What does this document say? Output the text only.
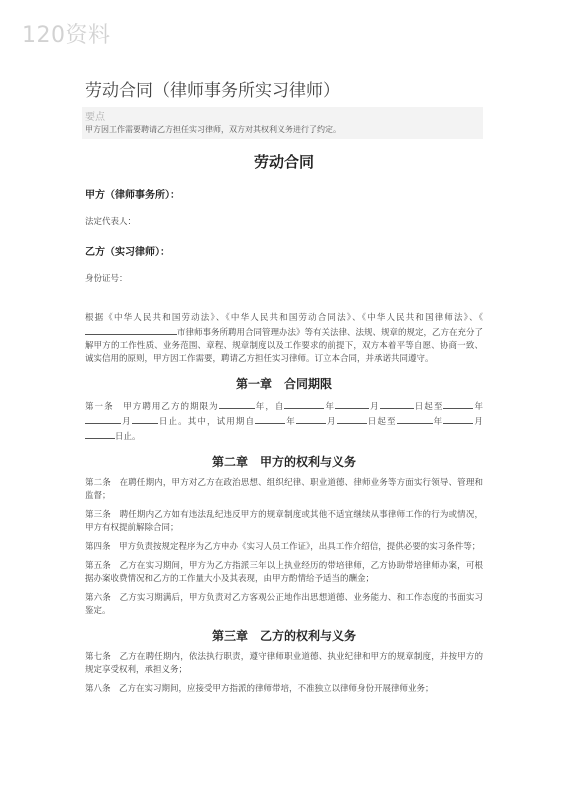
120资料
劳动合同（律师事务所实习律师）
要点
甲方因工作需要聘请乙方担任实习律师，双方对其权利义务进行了约定。
劳动合同
甲方（律师事务所）：
法定代表人：
乙方（实习律师）：
身份证号：

根据《中华人民共和国劳动法》、《中华人民共和国劳动合同法》、《中华人民共和国律师法》、《市律师事务所聘用合同管理办法》等有关法律、法规、规章的规定，乙方在充分了解甲方的工作性质、业务范围、章程、规章制度以及工作要求的前提下，双方本着平等自愿、协商一致、诚实信用的原则，甲方因工作需要，聘请乙方担任实习律师。订立本合同，并承诺共同遵守。

第一章　合同期限

第一条　甲方聘用乙方的期限为	年，自	年	月	日起至	年月	日止。其中，试用期自	年	月	日起至	年	月日止。

第二章　甲方的权利与义务

第二条　在聘任期内，甲方对乙方在政治思想、组织纪律、职业道德、律师业务等方面实行领导、管理和监督；

第三条　聘任期内乙方如有违法乱纪违反甲方的规章制度或其他不适宜继续从事律师工作的行为或情况，甲方有权提前解除合同；

第四条　甲方负责按规定程序为乙方申办《实习人员工作证》，出具工作介绍信，提供必要的实习条件等；

第五条　乙方在实习期间，甲方为乙方指派三年以上执业经历的带培律师，乙方协助带培律师办案，可根据办案收费情况和乙方的工作量大小及其表现，由甲方酌情给予适当的酬金；

第六条　乙方实习期满后，甲方负责对乙方客观公正地作出思想道德、业务能力、和工作态度的书面实习鉴定。

第三章　乙方的权利与义务

第七条　乙方在聘任期内，依法执行职责，遵守律师职业道德、执业纪律和甲方的规章制度，并按甲方的规定享受权利，承担义务；

第八条　乙方在实习期间，应接受甲方指派的律师带培，不准独立以律师身份开展律师业务；
